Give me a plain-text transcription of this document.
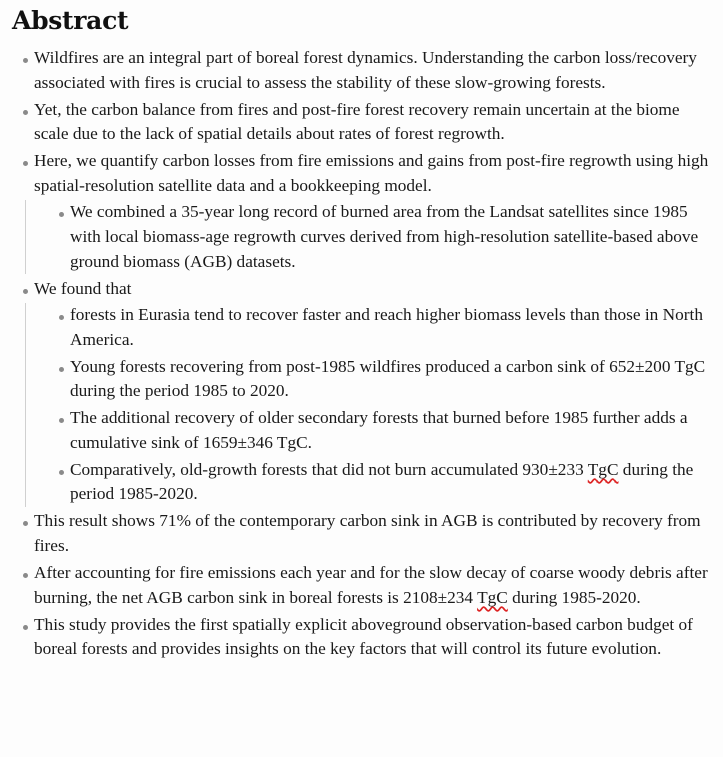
Abstract
Wildfires are an integral part of boreal forest dynamics. Understanding the carbon loss/recovery associated with fires is crucial to assess the stability of these slow-growing forests.
Yet, the carbon balance from fires and post-fire forest recovery remain uncertain at the biome scale due to the lack of spatial details about rates of forest regrowth.
Here, we quantify carbon losses from fire emissions and gains from post-fire regrowth using high spatial-resolution satellite data and a bookkeeping model.
We combined a 35-year long record of burned area from the Landsat satellites since 1985 with local biomass-age regrowth curves derived from high-resolution satellite-based above ground biomass (AGB) datasets.
We found that
forests in Eurasia tend to recover faster and reach higher biomass levels than those in North America.
Young forests recovering from post-1985 wildfires produced a carbon sink of 652±200 TgC during the period 1985 to 2020.
The additional recovery of older secondary forests that burned before 1985 further adds a cumulative sink of 1659±346 TgC.
Comparatively, old-growth forests that did not burn accumulated 930±233 TgC during the period 1985-2020.
This result shows 71% of the contemporary carbon sink in AGB is contributed by recovery from fires.
After accounting for fire emissions each year and for the slow decay of coarse woody debris after burning, the net AGB carbon sink in boreal forests is 2108±234 TgC during 1985-2020.
This study provides the first spatially explicit aboveground observation-based carbon budget of boreal forests and provides insights on the key factors that will control its future evolution.
